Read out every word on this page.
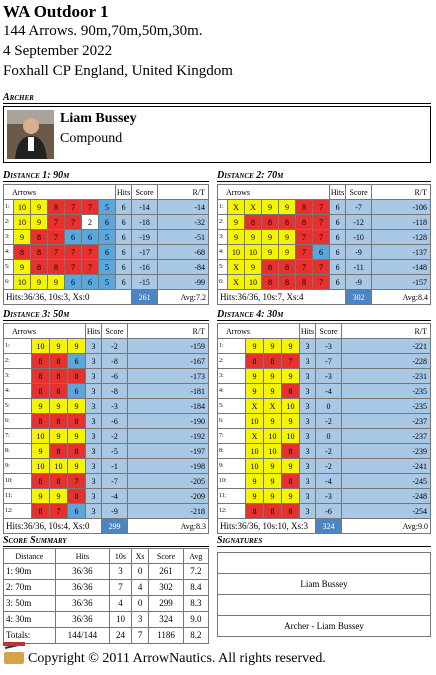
WA Outdoor 1
144 Arrows. 90m,70m,50m,30m.
4 September 2022
Foxhall CP England, United Kingdom
Archer
Liam Bussey
Compound
Distance 1: 90m
Arrows							Hits	Score	R/T
1:	10	9	8	7	7	5	6	-14	-14
2:	10	9	7	7	2	6	6	-18	-32
3:	9	8	7	6	6	5	6	-19	-51
4:	8	8	7	7	7	6	6	-17	-68
5:	9	8	8	7	7	5	6	-16	-84
6:	10	9	9	6	6	5	6	-15	-99
Hits:36/36, 10s:3, Xs:0								261	Avg:7.2
Distance 2: 70m
Arrows							Hits	Score	R/T
1:	X	X	9	9	8	7	6	-7	-106
2:	9	8	8	8	8	7	6	-12	-118
3:	9	9	9	9	7	7	6	-10	-128
4:	10	10	9	9	7	6	6	-9	-137
5:	X	9	8	8	7	7	6	-11	-148
6:	X	10	8	8	8	7	6	-9	-157
Hits:36/36, 10s:7, Xs:4								302	Avg:8.4
Distance 3: 50m
Arrows				Hits	Score	R/T
1:	10	9	9	3	-2	-159
2:	8	8	6	3	-8	-167
3:	8	8	8	3	-6	-173
4:	8	8	6	3	-8	-181
5:	9	9	9	3	-3	-184
6:	8	8	8	3	-6	-190
7:	10	9	9	3	-2	-192
8:	9	8	8	3	-5	-197
9:	10	10	9	3	-1	-198
10:	8	8	7	3	-7	-205
11:	9	9	8	3	-4	-209
12:	8	7	6	3	-9	-218
Hits:36/36, 10s:4, Xs:0					299	Avg:8.3
Distance 4: 30m
Arrows				Hits	Score	R/T
1:	9	9	9	3	-3	-221
2:	8	8	7	3	-7	-228
3:	9	9	9	3	-3	-231
4:	9	9	8	3	-4	-235
5:	X	X	10	3	0	-235
6:	10	9	9	3	-2	-237
7:	X	10	10	3	0	-237
8:	10	10	8	3	-2	-239
9:	10	9	9	3	-2	-241
10:	9	9	8	3	-4	-245
11:	9	9	9	3	-3	-248
12:	8	8	8	3	-6	-254
Hits:36/36, 10s:10, Xs:3					324	Avg:9.0
Score Summary
Distance	Hits	10s	Xs	Score	Avg
1: 90m	36/36	3	0	261	7.2
2: 70m	36/36	7	4	302	8.4
3: 50m	36/36	4	0	299	8.3
4: 30m	36/36	10	3	324	9.0
Totals:	144/144	24	7	1186	8.2
Signatures

Liam Bussey

Archer - Liam Bussey
Copyright © 2011 ArrowNautics. All rights reserved.
